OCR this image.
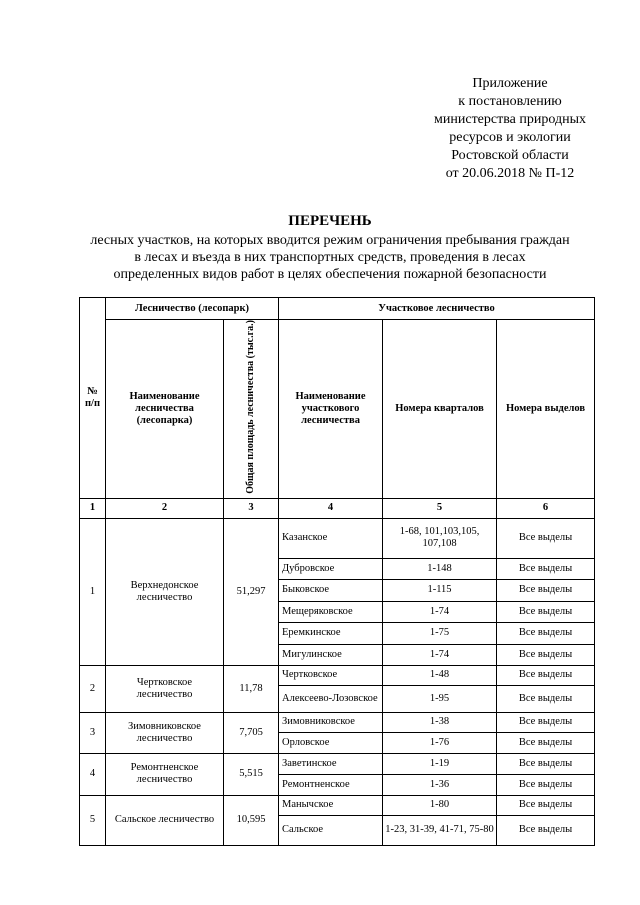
Приложение
к постановлению
министерства природных
ресурсов и экологии
Ростовской области
от 20.06.2018 № П-12
ПЕРЕЧЕНЬ
лесных участков, на которых вводится режим ограничения пребывания граждан
в лесах и въезда в них транспортных средств, проведения в лесах
определенных видов работ в целях обеспечения пожарной безопасности
№ п/п	Лесничество (лесопарк)		Участковое лесничество		
	Наименование лесничества (лесопарка)	Общая площадь лесничества (тыс.га.)	Наименование участкового лесничества	Номера кварталов	Номера выделов
1	2	3	4	5	6
1	Верхнедонское лесничество	51,297	Казанское	1-68, 101,103,105, 107,108	Все выделы
			Дубровское	1-148	Все выделы
			Быковское	1-115	Все выделы
			Мещеряковское	1-74	Все выделы
			Еремкинское	1-75	Все выделы
			Мигулинское	1-74	Все выделы
2	Чертковское лесничество	11,78	Чертковское	1-48	Все выделы
			Алексеево-Лозовское	1-95	Все выделы
3	Зимовниковское лесничество	7,705	Зимовниковское	1-38	Все выделы
			Орловское	1-76	Все выделы
4	Ремонтненское лесничество	5,515	Заветинское	1-19	Все выделы
			Ремонтненское	1-36	Все выделы
5	Сальское лесничество	10,595	Манычское	1-80	Все выделы
			Сальское	1-23, 31-39, 41-71, 75-80	Все выделы
